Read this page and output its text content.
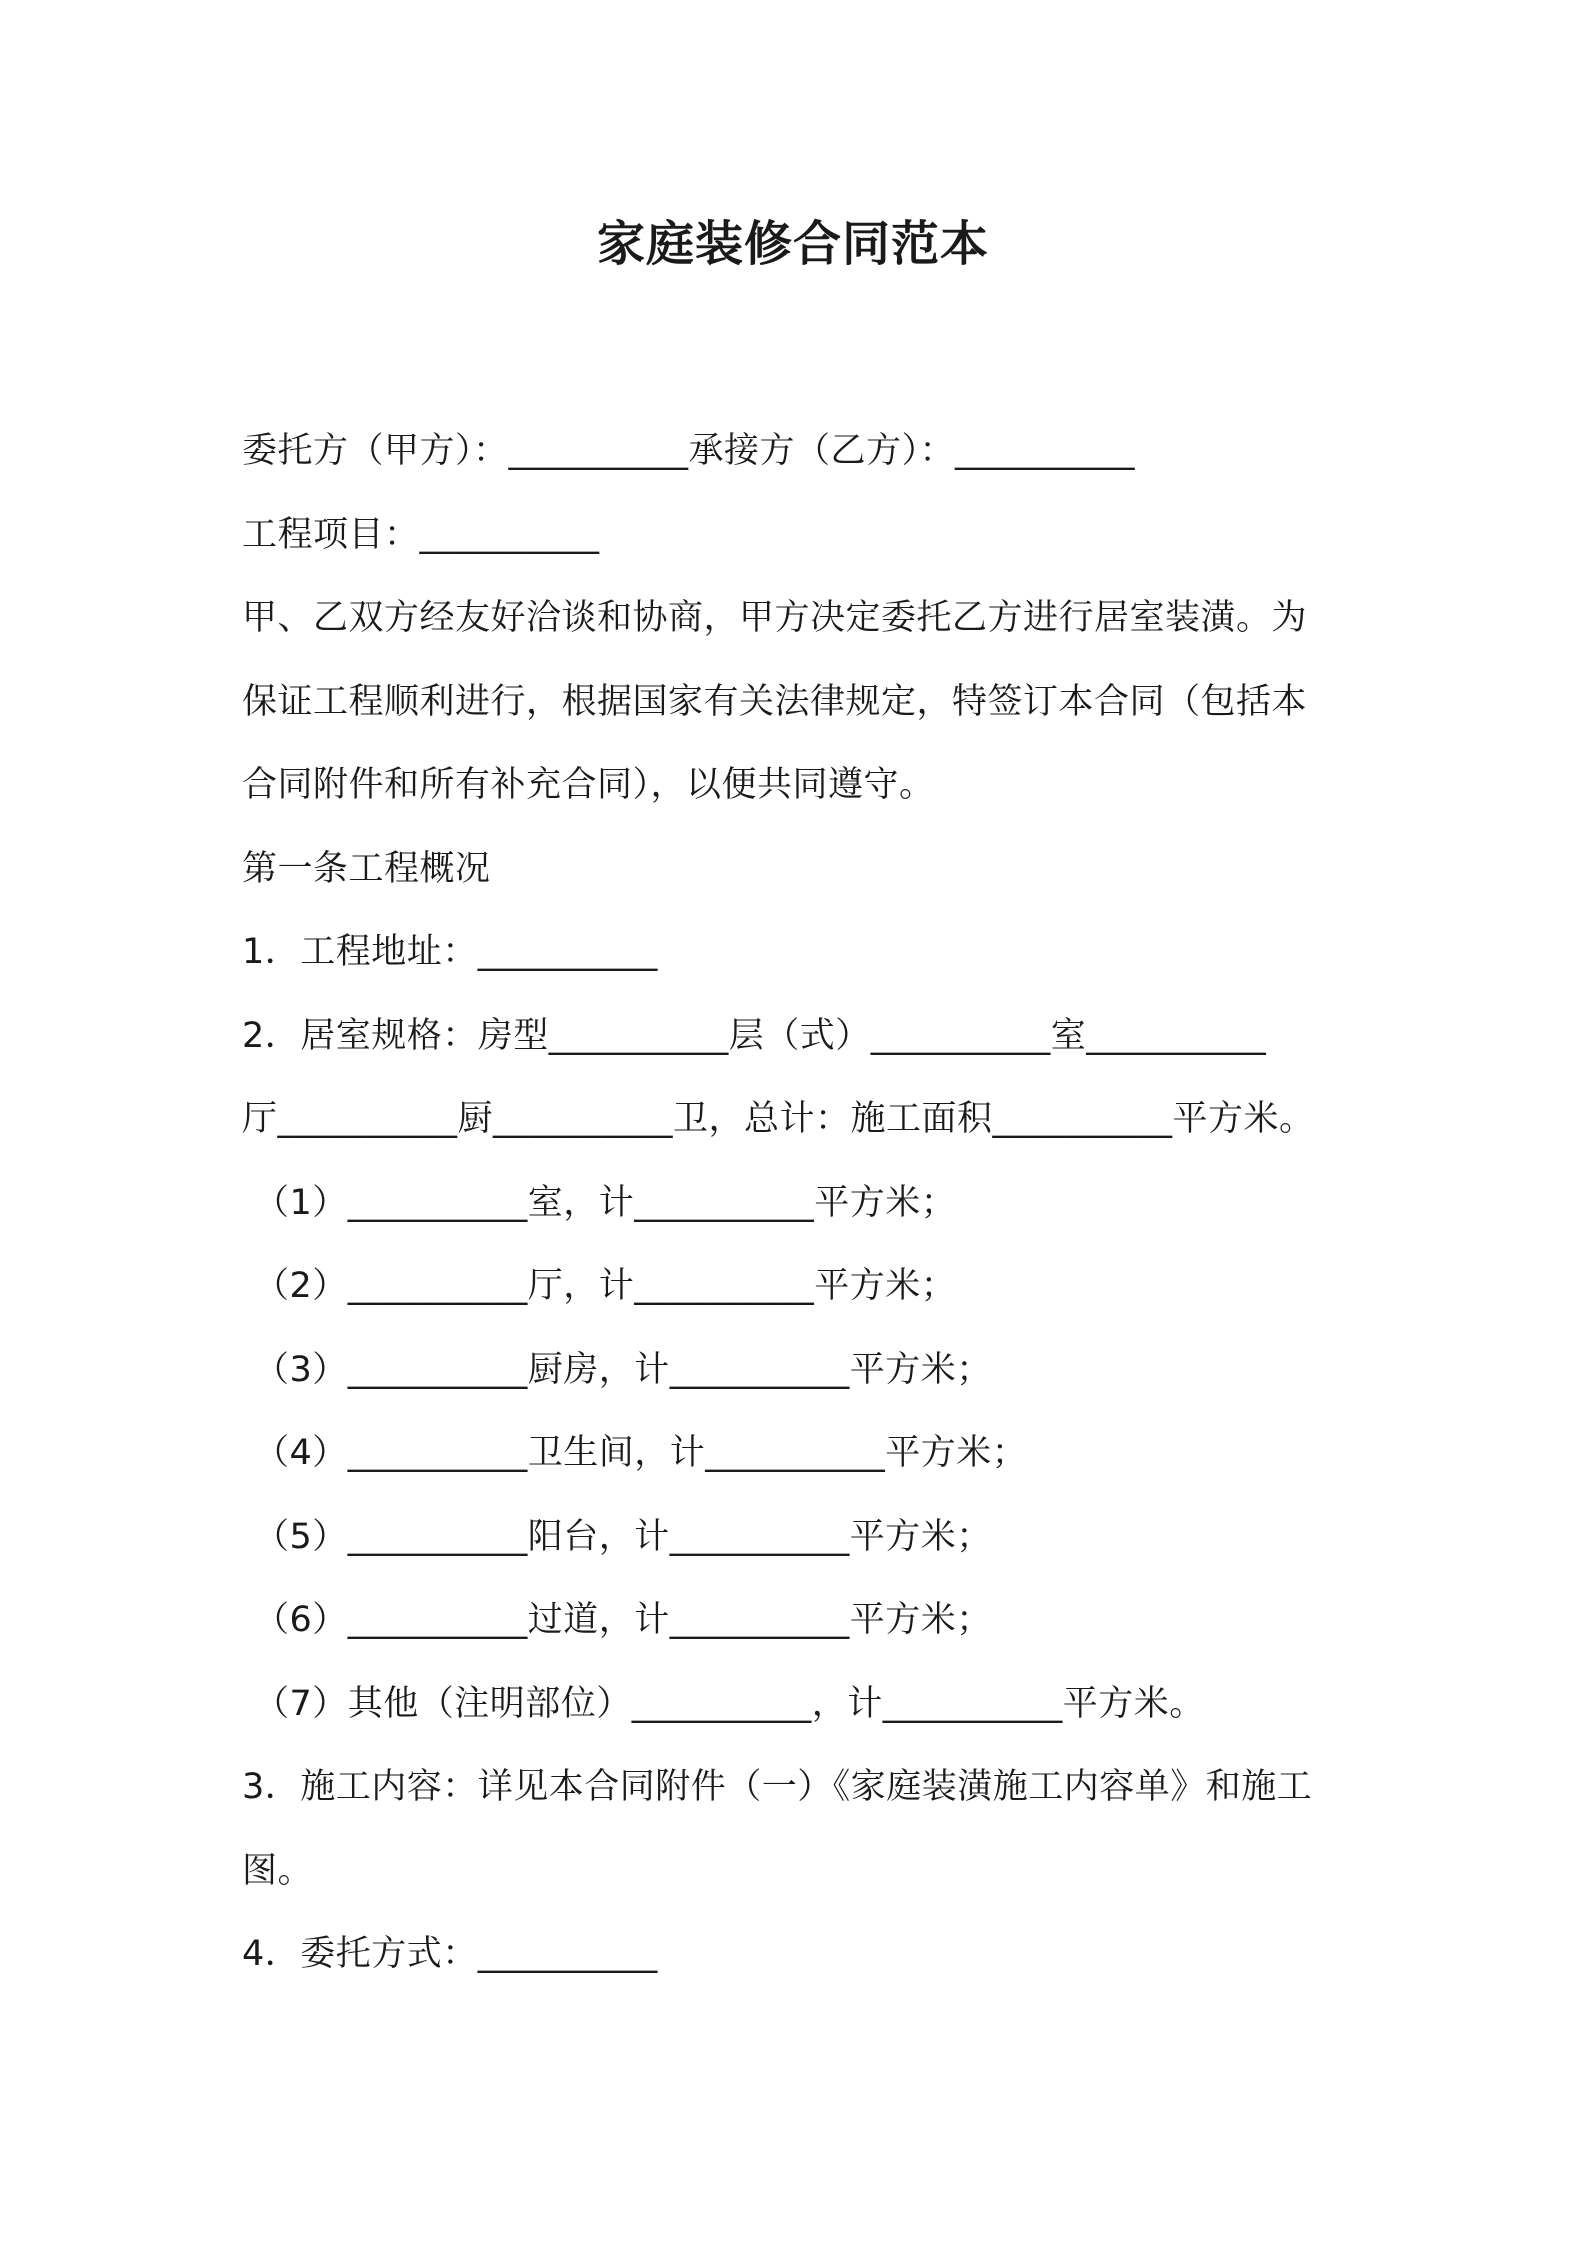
家庭装修合同范本
委托方（甲方）：__________承接方（乙方）：__________
工程项目：__________
甲、乙双方经友好洽谈和协商，甲方决定委托乙方进行居室装潢。为
保证工程顺利进行，根据国家有关法律规定，特签订本合同（包括本
合同附件和所有补充合同），以便共同遵守。
第一条工程概况
1．工程地址：__________
2．居室规格：房型__________层（式）__________室__________
厅__________厨__________卫，总计：施工面积__________平方米。
（1）__________室，计__________平方米；
（2）__________厅，计__________平方米；
（3）__________厨房，计__________平方米；
（4）__________卫生间，计__________平方米；
（5）__________阳台，计__________平方米；
（6）__________过道，计__________平方米；
（7）其他（注明部位）__________，计__________平方米。
3．施工内容：详见本合同附件（一）《家庭装潢施工内容单》和施工
图。
4．委托方式：__________
